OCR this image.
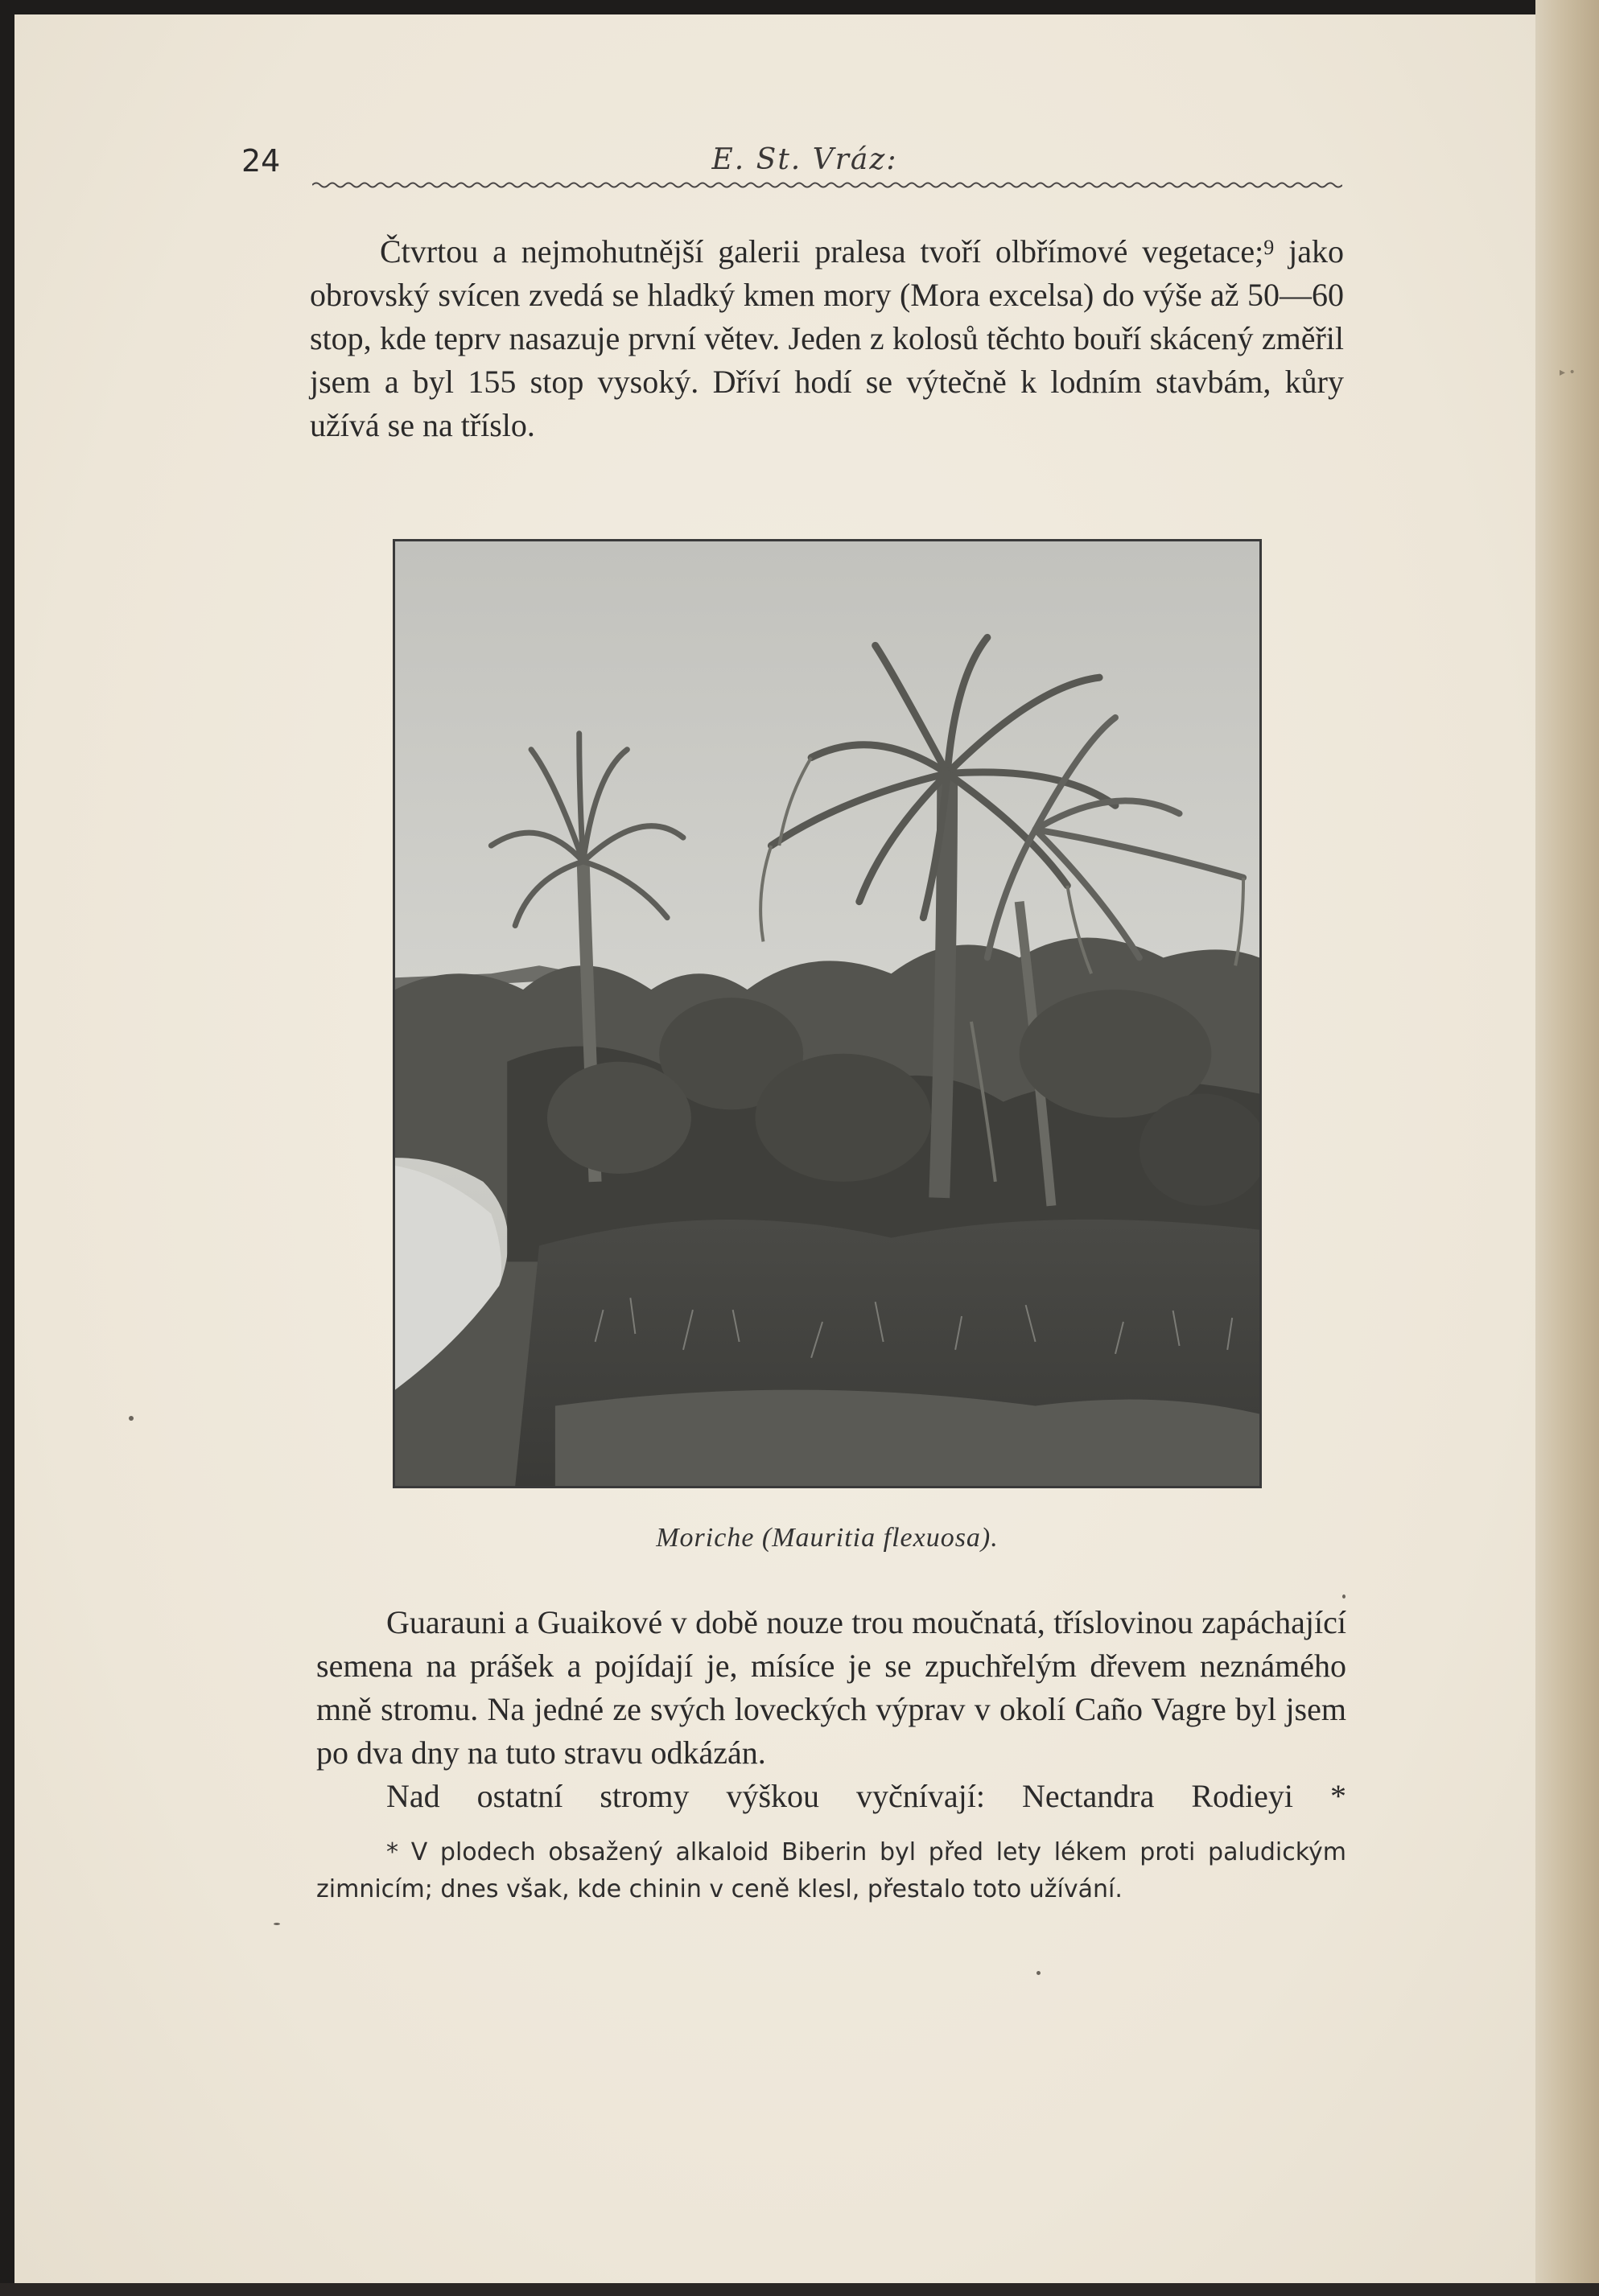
▸ •
24	E. St. Vráz:

Čtvrtou a nejmohutnější galerii pralesa tvoří olbřímové vegetace;$^9$ jako obrovský svícen zvedá se hladký kmen mory (Mora excelsa) do výše až 50—60 stop, kde teprv nasazuje první větev. Jeden z kolosů těchto bouří skácený změřil jsem a byl 155 stop vysoký. Dříví hodí se výtečně k lodním stavbám, kůry užívá se na tříslo.

Moriche (Mauritia flexuosa).

Guarauni a Guaikové v době nouze trou moučnatá, tříslovinou zapáchající semena na prášek a pojídají je, mísíce je se zpuchřelým dřevem neznámého mně stromu. Na jedné ze svých loveckých výprav v okolí Caño Vagre byl jsem po dva dny na tuto stravu odkázán.

Nad ostatní stromy výškou vyčnívají: Nectandra Rodieyi *

* V plodech obsažený alkaloid Biberin byl před lety lékem proti paludickým zimnicím; dnes však, kde chinin v ceně klesl, přestalo toto užívání.
